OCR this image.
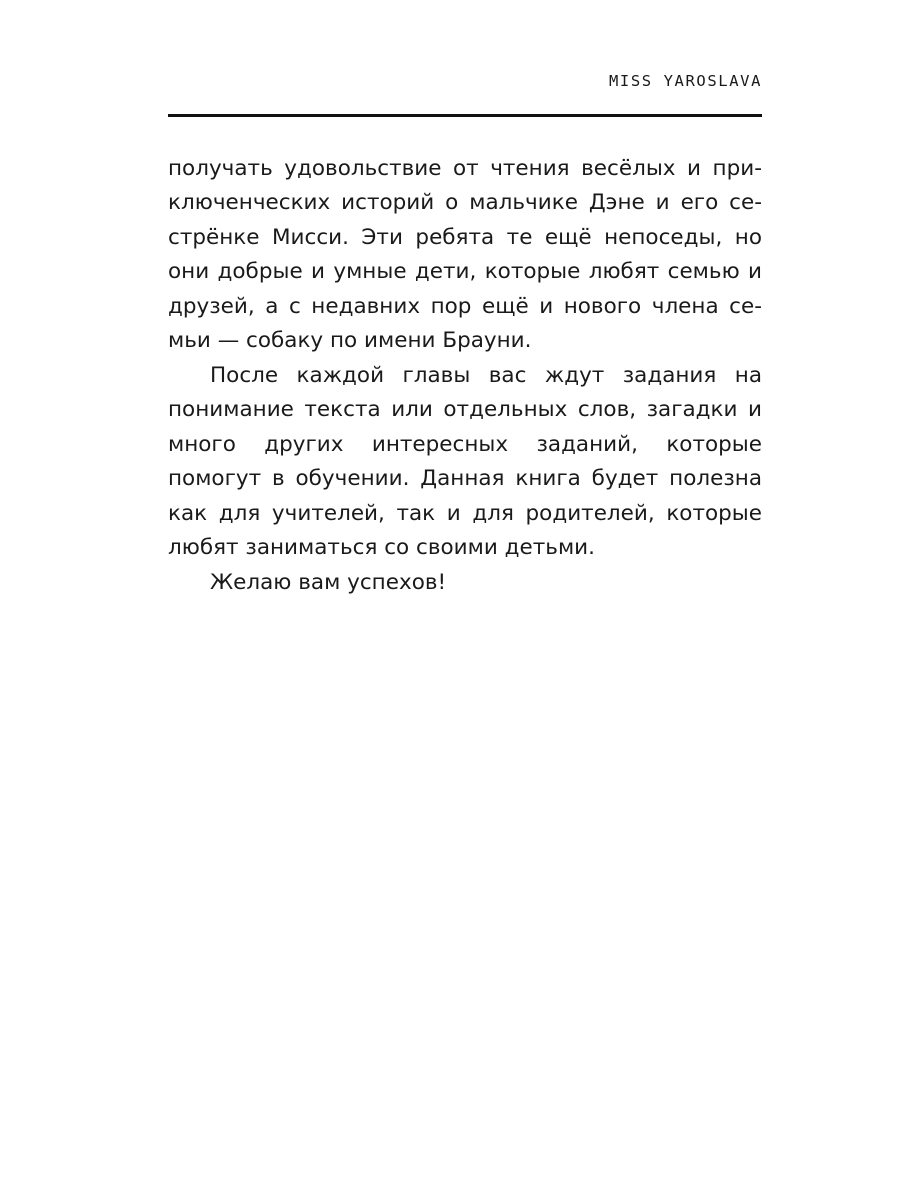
MISS YAROSLAVA

получать удовольствие от чтения весёлых и приключенческих историй о мальчике Дэне и его сестрёнке Мисси. Эти ребята те ещё непоседы, но они добрые и умные дети, которые любят семью и друзей, а с недавних пор ещё и нового члена семьи — собаку по имени Брауни.

После каждой главы вас ждут задания на понимание текста или отдельных слов, загадки и много других интересных заданий, которые помогут в обучении. Данная книга будет полезна как для учителей, так и для родителей, которые любят заниматься со своими детьми.

Желаю вам успехов!
